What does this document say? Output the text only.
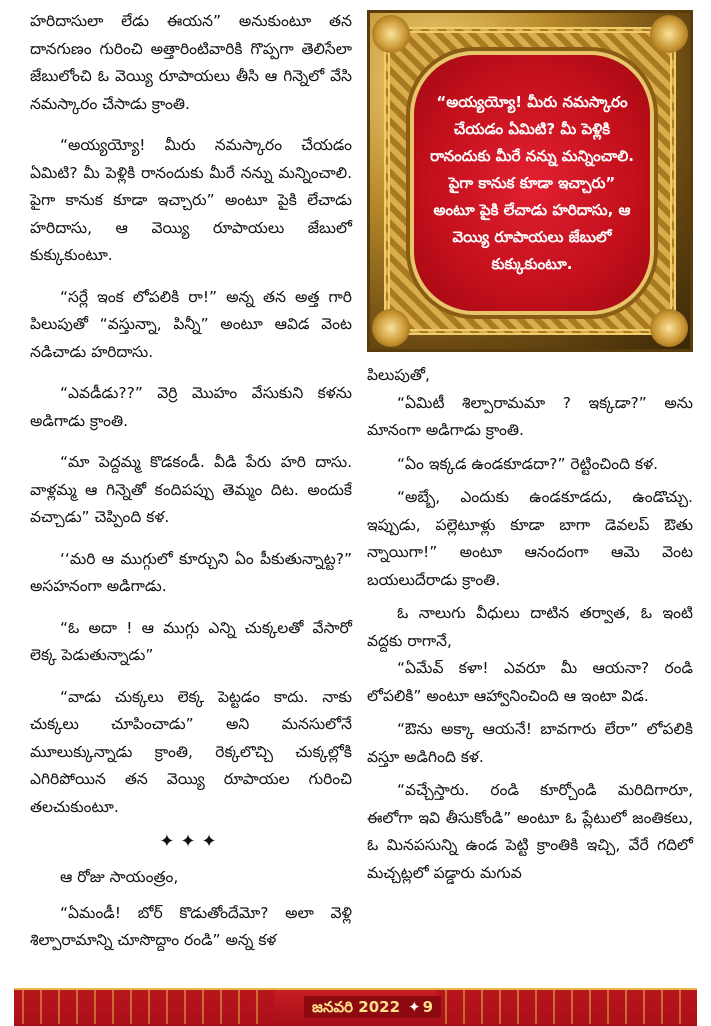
హరిదాసులా లేడు ఈయన” అనుకుంటూ తన దానగుణం గురించి అత్తారింటివారికి గొప్పగా తెలిసేలా జేబులోంచి ఓ వెయ్యి రూపాయలు తీసి ఆ గిన్నెలో వేసి నమస్కారం చేసాడు క్రాంతి.

“అయ్యయ్యో! మీరు నమస్కారం చేయడం ఏమిటి? మీ పెళ్లికి రానందుకు మీరే నన్ను మన్నించాలి. పైగా కానుక కూడా ఇచ్చారు” అంటూ పైకి లేచాడు హరిదాసు, ఆ వెయ్యి రూపాయలు జేబులో కుక్కుకుంటూ.

“సర్లే ఇంక లోపలికి రా!” అన్న తన అత్త గారి పిలుపుతో “వస్తున్నా, పిన్నీ” అంటూ ఆవిడ వెంట నడిచాడు హరిదాసు.

“ఎవడీడు??” వెర్రి మొహం వేసుకుని కళను అడిగాడు క్రాంతి.

“మా పెద్దమ్మ కొడకండీ. వీడి పేరు హరి దాసు. వాళ్లమ్మ ఆ గిన్నెతో కందిపప్పు తెమ్మం దిట. అందుకే వచ్చాడు” చెప్పింది కళ.

‘‘మరి ఆ ముగ్గులో కూర్చుని ఏం పీకుతున్నాట్ట?” అసహనంగా అడిగాడు.

“ఓ అదా ! ఆ ముగ్గు ఎన్ని చుక్కలతో వేసారో లెక్క పెడుతున్నాడు”

“వాడు చుక్కలు లెక్క పెట్టడం కాదు. నాకు చుక్కలు చూపించాడు” అని మనసులోనే మూలుక్కున్నాడు క్రాంతి, రెక్కలొచ్చి చుక్కల్లోకి ఎగిరిపోయిన తన వెయ్యి రూపాయల గురించి తలచుకుంటూ.

✦✦✦

ఆ రోజు సాయంత్రం,

“ఏమండీ! బోర్ కొడుతోందేమో? అలా వెళ్లి శిల్పారామాన్ని చూసొద్దాం రండి” అన్న కళ

“అయ్యయ్యో! మీరు నమస్కారం చేయడం ఏమిటి? మీ పెళ్లికి రానందుకు మీరే నన్ను మన్నించాలి. పైగా కానుక కూడా ఇచ్చారు” అంటూ పైకి లేచాడు హరిదాసు, ఆ వెయ్యి రూపాయలు జేబులో కుక్కుకుంటూ.

పిలుపుతో,

“ఏమిటీ శిల్పారామమా ? ఇక్కడా?” అను మానంగా అడిగాడు క్రాంతి.

“ఏం ఇక్కడ ఉండకూడదా?” రెట్టించింది కళ.

“అబ్బే, ఎందుకు ఉండకూడదు, ఉండొచ్చు. ఇప్పుడు, పల్లెటూళ్లు కూడా బాగా డెవలప్ ఔతు న్నాయిగా!” అంటూ ఆనందంగా ఆమె వెంట బయలుదేరాడు క్రాంతి.

ఓ నాలుగు వీధులు దాటిన తర్వాత, ఓ ఇంటి వద్దకు రాగానే,

“ఏమేవ్ కళా! ఎవరూ మీ ఆయనా? రండి లోపలికి” అంటూ ఆహ్వానించింది ఆ ఇంటా విడ.

“ఔను అక్కా ఆయనే! బావగారు లేరా” లోపలికి వస్తూ అడిగింది కళ.

“వచ్చేస్తారు. రండి కూర్చోండి మరిదిగారూ, ఈలోగా ఇవి తీసుకోండి” అంటూ ఓ ప్లేటులో జంతికలు, ఓ మినపసున్ని ఉండ పెట్టి క్రాంతికి ఇచ్చి, వేరే గదిలో మచ్చట్లలో పడ్డారు మగువ

జనవరి 2022 ✦ 9
